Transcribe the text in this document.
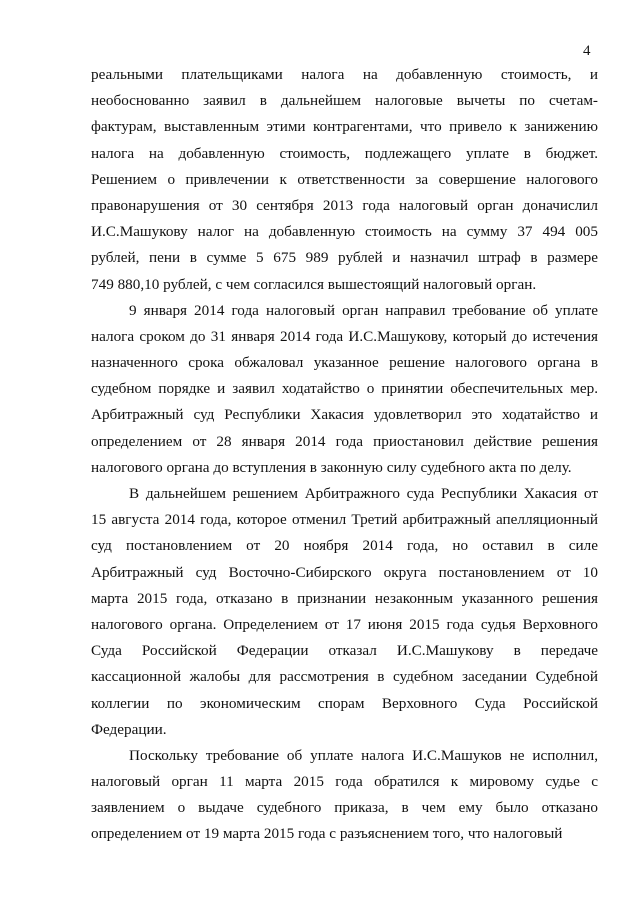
4
реальными плательщиками налога на добавленную стоимость, и
необоснованно заявил в дальнейшем налоговые вычеты по счетам-
фактурам, выставленным этими контрагентами, что привело к занижению
налога на добавленную стоимость, подлежащего уплате в бюджет.
Решением о привлечении к ответственности за совершение налогового
правонарушения от 30 сентября 2013 года налоговый орган доначислил
И.С.Машукову налог на добавленную стоимость на сумму 37 494 005
рублей, пени в сумме 5 675 989 рублей и назначил штраф в размере
749 880,10 рублей, с чем согласился вышестоящий налоговый орган.
9 января 2014 года налоговый орган направил требование об уплате
налога сроком до 31 января 2014 года И.С.Машукову, который до истечения
назначенного срока обжаловал указанное решение налогового органа в
судебном порядке и заявил ходатайство о принятии обеспечительных мер.
Арбитражный суд Республики Хакасия удовлетворил это ходатайство и
определением от 28 января 2014 года приостановил действие решения
налогового органа до вступления в законную силу судебного акта по делу.
В дальнейшем решением Арбитражного суда Республики Хакасия от
15 августа 2014 года, которое отменил Третий арбитражный апелляционный
суд постановлением от 20 ноября 2014 года, но оставил в силе
Арбитражный суд Восточно-Сибирского округа постановлением от 10
марта 2015 года, отказано в признании незаконным указанного решения
налогового органа. Определением от 17 июня 2015 года судья Верховного
Суда Российской Федерации отказал И.С.Машукову в передаче
кассационной жалобы для рассмотрения в судебном заседании Судебной
коллегии по экономическим спорам Верховного Суда Российской
Федерации.
Поскольку требование об уплате налога И.С.Машуков не исполнил,
налоговый орган 11 марта 2015 года обратился к мировому судье с
заявлением о выдаче судебного приказа, в чем ему было отказано
определением от 19 марта 2015 года с разъяснением того, что налоговый
